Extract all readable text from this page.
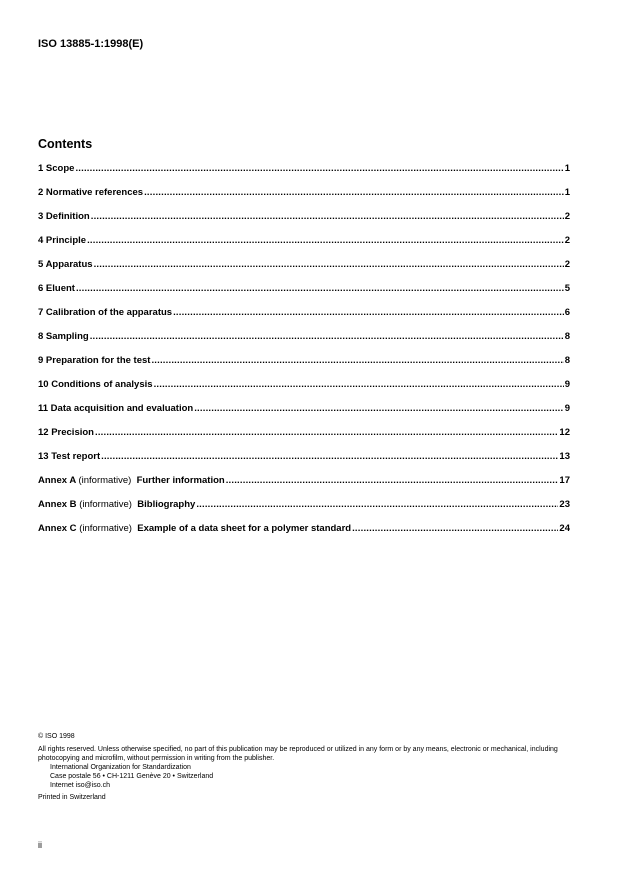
ISO 13885-1:1998(E)
Contents
1 Scope .....	1
2 Normative references .....	1
3 Definition .....	2
4 Principle .....	2
5 Apparatus .....	2
6 Eluent .....	5
7 Calibration of the apparatus .....	6
8 Sampling .....	8
9 Preparation for the test .....	8
10 Conditions of analysis .....	9
11 Data acquisition and evaluation .....	9
12 Precision .....	12
13 Test report .....	13
Annex A (informative) Further information .....	17
Annex B (informative) Bibliography .....	23
Annex C (informative) Example of a data sheet for a polymer standard .....	24

© ISO 1998

All rights reserved. Unless otherwise specified, no part of this publication may be reproduced or utilized in any form or by any means, electronic or mechanical, including photocopying and microfilm, without permission in writing from the publisher.

International Organization for Standardization

Case postale 56 • CH-1211 Genève 20 • Switzerland

Internet iso@iso.ch

Printed in Switzerland

ii
